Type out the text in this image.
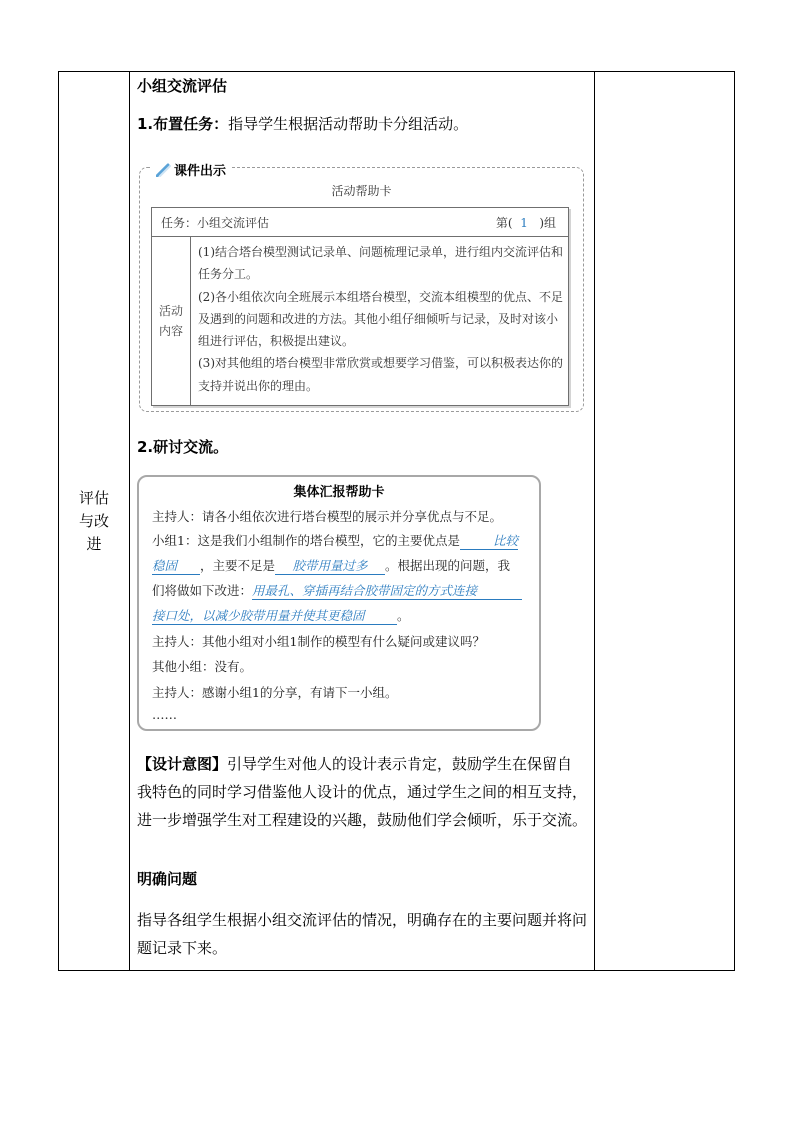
评估与改进
小组交流评估
1.布置任务：指导学生根据活动帮助卡分组活动。
课件出示
活动帮助卡
任务：小组交流评估	第( 1 )组
活动内容
(1)结合塔台模型测试记录单、问题梳理记录单，进行组内交流评估和任务分工。
(2)各小组依次向全班展示本组塔台模型，交流本组模型的优点、不足及遇到的问题和改进的方法。其他小组仔细倾听与记录，及时对该小组进行评估，积极提出建议。
(3)对其他组的塔台模型非常欣赏或想要学习借鉴，可以积极表达你的支持并说出你的理由。
2.研讨交流。
集体汇报帮助卡
主持人：请各小组依次进行塔台模型的展示并分享优点与不足。
小组1：这是我们小组制作的塔台模型，它的主要优点是	比较
稳固 ，主要不足是 胶带用量过多 。根据出现的问题，我
们将做如下改进：用最孔、穿插再结合胶带固定的方式连接
接口处，以减少胶带用量并使其更稳固	。
主持人：其他小组对小组1制作的模型有什么疑问或建议吗？
其他小组：没有。
主持人：感谢小组1的分享，有请下一小组。
……
【设计意图】引导学生对他人的设计表示肯定，鼓励学生在保留自我特色的同时学习借鉴他人设计的优点，通过学生之间的相互支持，进一步增强学生对工程建设的兴趣，鼓励他们学会倾听，乐于交流。
明确问题
指导各组学生根据小组交流评估的情况，明确存在的主要问题并将问题记录下来。
